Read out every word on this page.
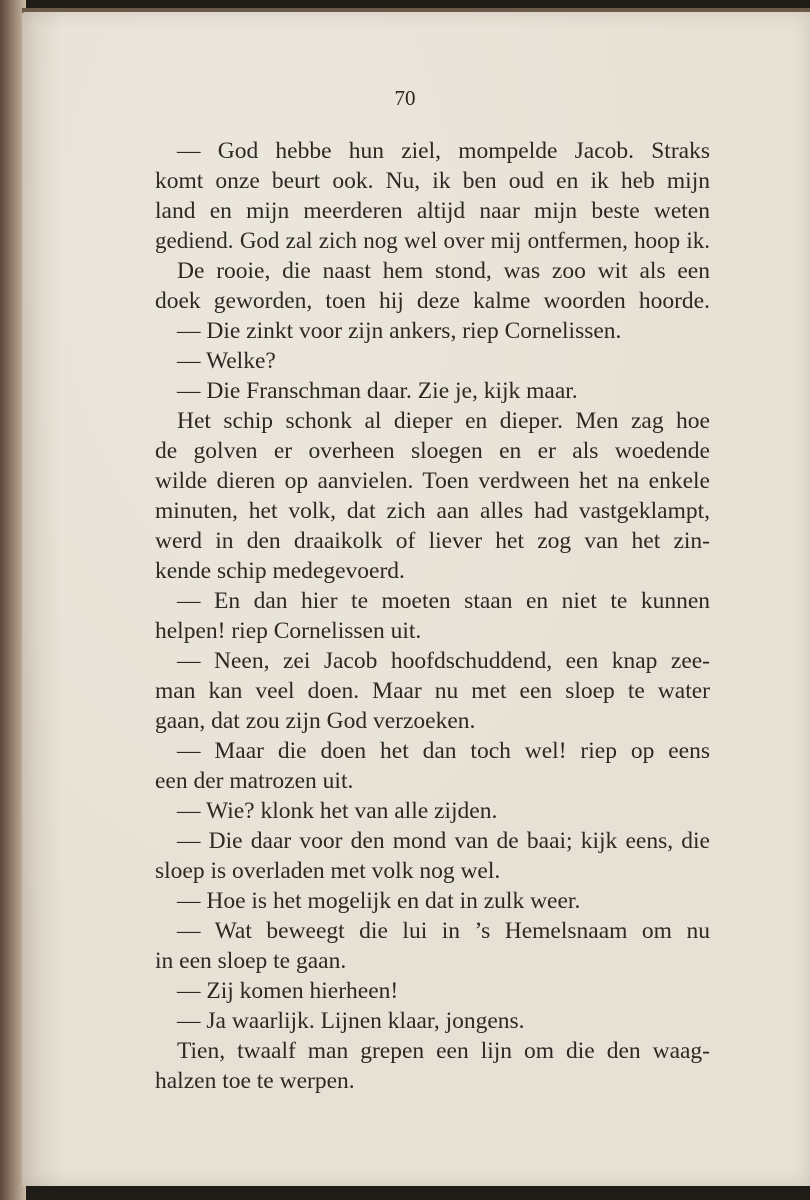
70
— God hebbe hun ziel, mompelde Jacob. Straks
komt onze beurt ook. Nu, ik ben oud en ik heb mijn
land en mijn meerderen altijd naar mijn beste weten
gediend. God zal zich nog wel over mij ontfermen, hoop ik.
De rooie, die naast hem stond, was zoo wit als een
doek geworden, toen hij deze kalme woorden hoorde.
— Die zinkt voor zijn ankers, riep Cornelissen.
— Welke?
— Die Franschman daar. Zie je, kijk maar.
Het schip schonk al dieper en dieper. Men zag hoe
de golven er overheen sloegen en er als woedende
wilde dieren op aanvielen. Toen verdween het na enkele
minuten, het volk, dat zich aan alles had vastgeklampt,
werd in den draaikolk of liever het zog van het zin-
kende schip medegevoerd.
— En dan hier te moeten staan en niet te kunnen
helpen! riep Cornelissen uit.
— Neen, zei Jacob hoofdschuddend, een knap zee-
man kan veel doen. Maar nu met een sloep te water
gaan, dat zou zijn God verzoeken.
— Maar die doen het dan toch wel! riep op eens
een der matrozen uit.
— Wie? klonk het van alle zijden.
— Die daar voor den mond van de baai; kijk eens, die
sloep is overladen met volk nog wel.
— Hoe is het mogelijk en dat in zulk weer.
— Wat beweegt die lui in ’s Hemelsnaam om nu
in een sloep te gaan.
— Zij komen hierheen!
— Ja waarlijk. Lijnen klaar, jongens.
Tien, twaalf man grepen een lijn om die den waag-
halzen toe te werpen.
